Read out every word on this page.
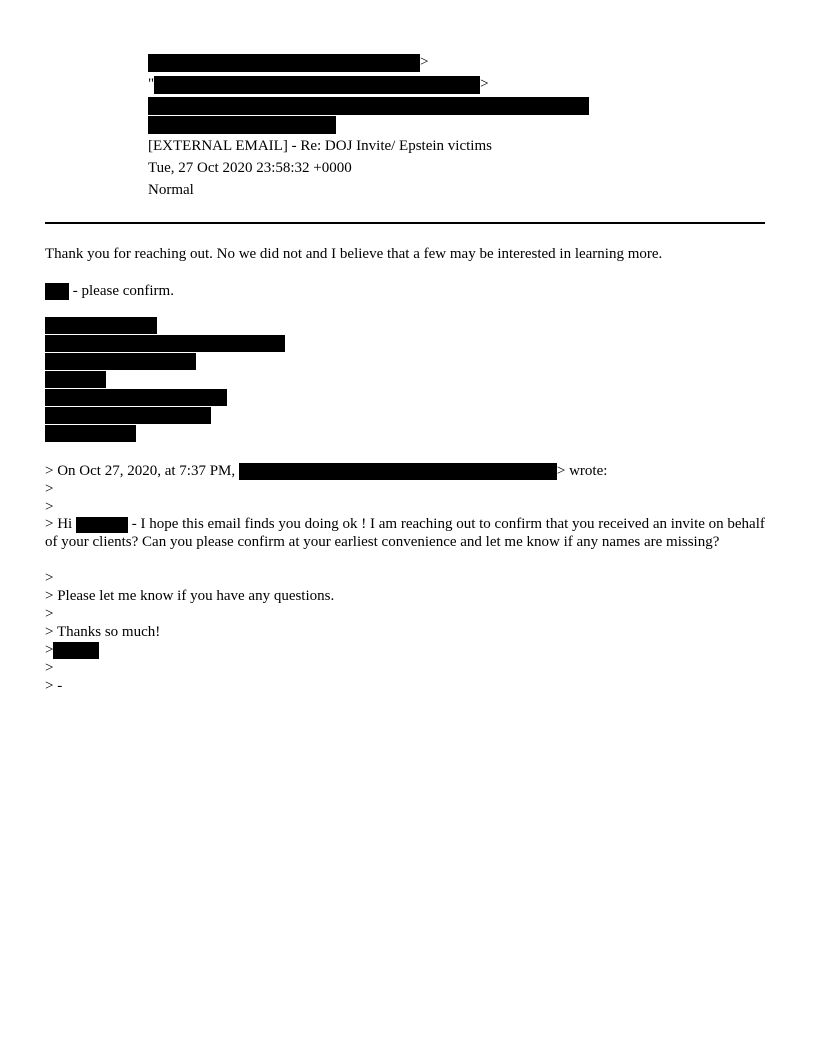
>
"	>
[EXTERNAL EMAIL] - Re: DOJ Invite/ Epstein victims
Tue, 27 Oct 2020 23:58:32 +0000
Normal
Thank you for reaching out. No we did not and I believe that a few may be interested in learning more.
- please confirm.
> On Oct 27, 2020, at 7:37 PM,	> wrote:
>
>
> Hi	- I hope this email finds you doing ok ! I am reaching out to confirm that you received an invite on behalf of your clients? Can you please confirm at your earliest convenience and let me know if any names are missing?
>
> Please let me know if you have any questions.
>
> Thanks so much!
>
>
> -
